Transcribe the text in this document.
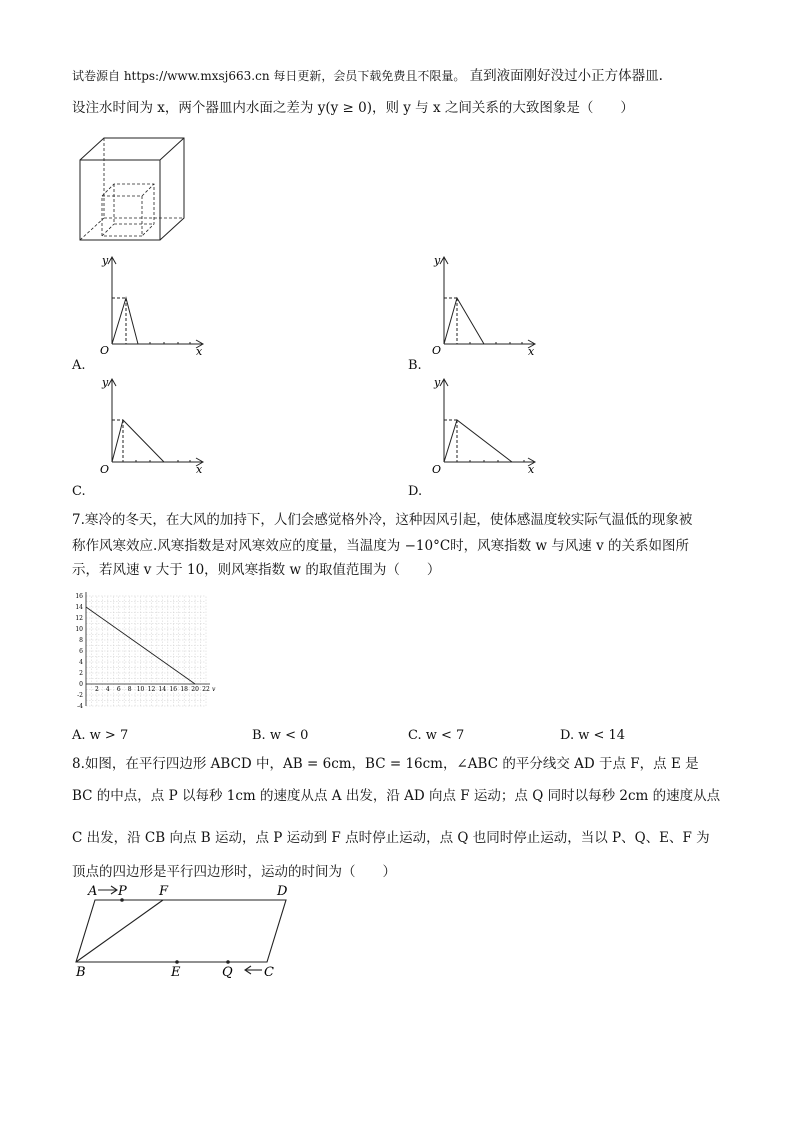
试卷源自 https://www.mxsj663.cn 每日更新，会员下载免费且不限量。 直到液面刚好没过小正方体器皿.
设注水时间为 x，两个器皿内水面之差为 y(y ≥ 0)，则 y 与 x 之间关系的大致图象是（　　）
y
x
O
A.
y
x
O
B.
y
x
O
C.
y
x
O
D.
7.寒冷的冬天，在大风的加持下，人们会感觉格外冷，这种因风引起，使体感温度较实际气温低的现象被
称作风寒效应.风寒指数是对风寒效应的度量，当温度为 −10°C时，风寒指数 w 与风速 v 的关系如图所
示，若风速 v 大于 10，则风寒指数 w 的取值范围为（　　）
2 4 6 8 10 12 14 16 18 20 22
-4
-2
0
2
4
6
8
10
12
14
16
v
A. w > 7	B. w < 0	C. w < 7	D. w < 14
8.如图，在平行四边形 ABCD 中，AB = 6cm，BC = 16cm，∠ABC 的平分线交 AD 于点 F，点 E 是
BC 的中点，点 P 以每秒 1cm 的速度从点 A 出发，沿 AD 向点 F 运动；点 Q 同时以每秒 2cm 的速度从点
C 出发，沿 CB 向点 B 运动，点 P 运动到 F 点时停止运动，点 Q 也同时停止运动，当以 P、Q、E、F 为
顶点的四边形是平行四边形时，运动的时间为（　　）
A P F	D
B	E	Q C
